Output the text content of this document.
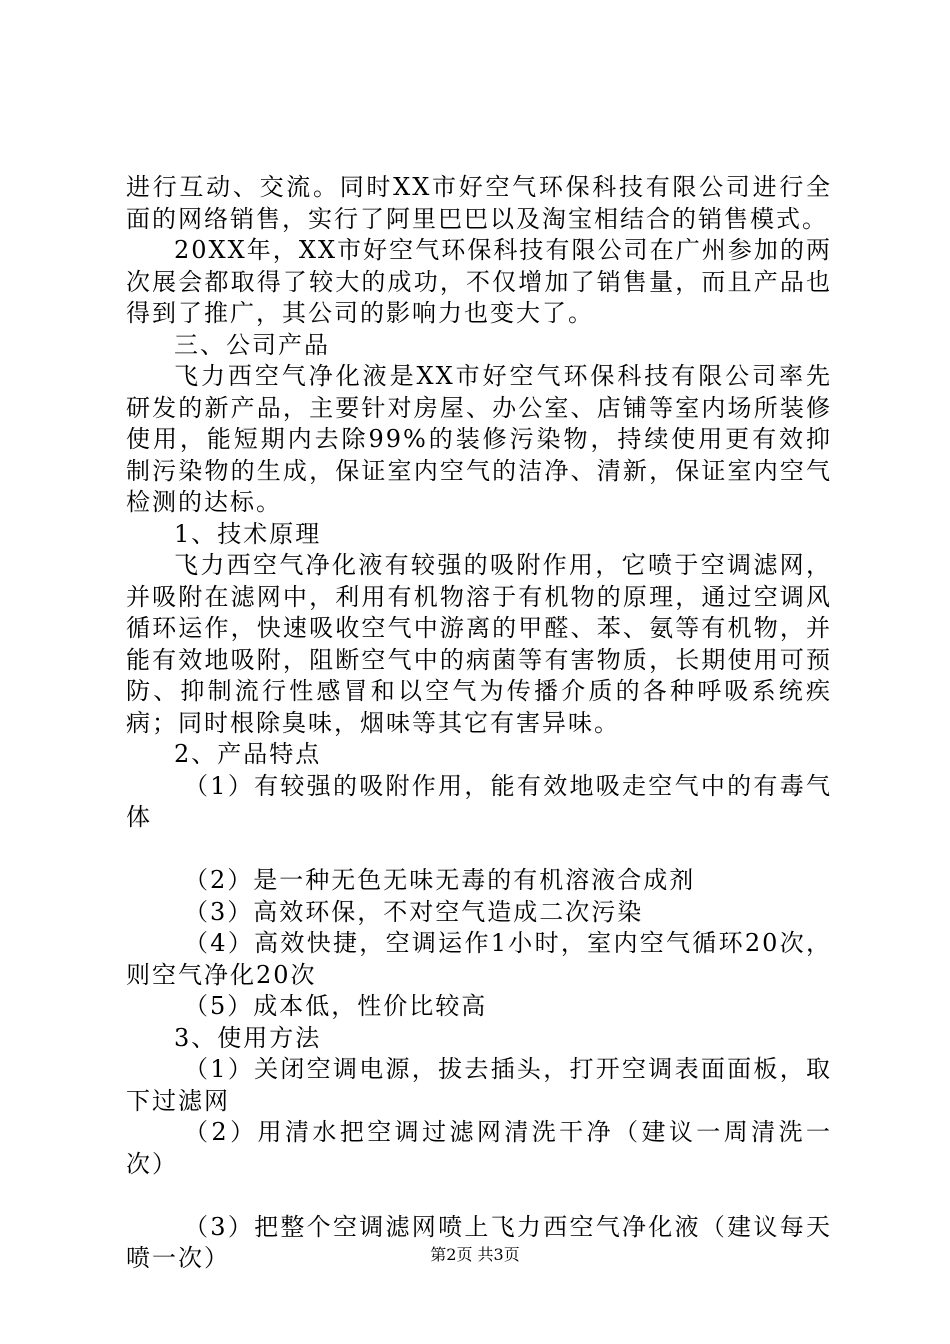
进行互动、交流。同时XX市好空气环保科技有限公司进行全面的网络销售，实行了阿里巴巴以及淘宝相结合的销售模式。

20XX年，XX市好空气环保科技有限公司在广州参加的两次展会都取得了较大的成功，不仅增加了销售量，而且产品也得到了推广，其公司的影响力也变大了。

三、公司产品

飞力西空气净化液是XX市好空气环保科技有限公司率先研发的新产品，主要针对房屋、办公室、店铺等室内场所装修使用，能短期内去除99%的装修污染物，持续使用更有效抑制污染物的生成，保证室内空气的洁净、清新，保证室内空气检测的达标。

1、技术原理

飞力西空气净化液有较强的吸附作用，它喷于空调滤网，并吸附在滤网中，利用有机物溶于有机物的原理，通过空调风循环运作，快速吸收空气中游离的甲醛、苯、氨等有机物，并能有效地吸附，阻断空气中的病菌等有害物质，长期使用可预防、抑制流行性感冒和以空气为传播介质的各种呼吸系统疾病；同时根除臭味，烟味等其它有害异味。

2、产品特点

（1）有较强的吸附作用，能有效地吸走空气中的有毒气体

（2）是一种无色无味无毒的有机溶液合成剂

（3）高效环保，不对空气造成二次污染

（4）高效快捷，空调运作1小时，室内空气循环20次，则空气净化20次

（5）成本低，性价比较高

3、使用方法

（1）关闭空调电源，拔去插头，打开空调表面面板，取下过滤网

（2）用清水把空调过滤网清洗干净（建议一周清洗一次）

（3）把整个空调滤网喷上飞力西空气净化液（建议每天喷一次）	第2页 共3页
